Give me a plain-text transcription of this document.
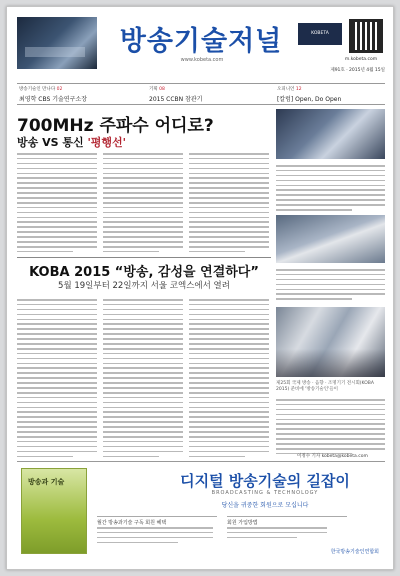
방송기술저널
www.kobeta.com
KOBETA
m.kobeta.com
제91호 · 2015년 4월 15일
방송기술인 만나다 02
최영학 CBS 기술연구소장
기획 08
2015 CCBN 참관기
오피니언 12
[칼럼] Open, Do Open
700MHz 주파수 어디로?
방송 VS 통신 '평행선'
KOBA 2015 “방송, 감성을 연결하다”
5월 19일부터 22일까지 서울 코엑스에서 열려
제25회 국제 방송 · 음향 · 조명기기 전시회(KOBA 2015) 준비에 '방송기술인'들이
이정수 기자 kobeta@kobeta.com
방송과 기술	디지털 방송기술의 길잡이
BROADCASTING & TECHNOLOGY
당신을 귀중한 회원으로 모십니다
월간 방송과기술 구독 회원 혜택	회원 가입방법
한국방송기술인연합회
